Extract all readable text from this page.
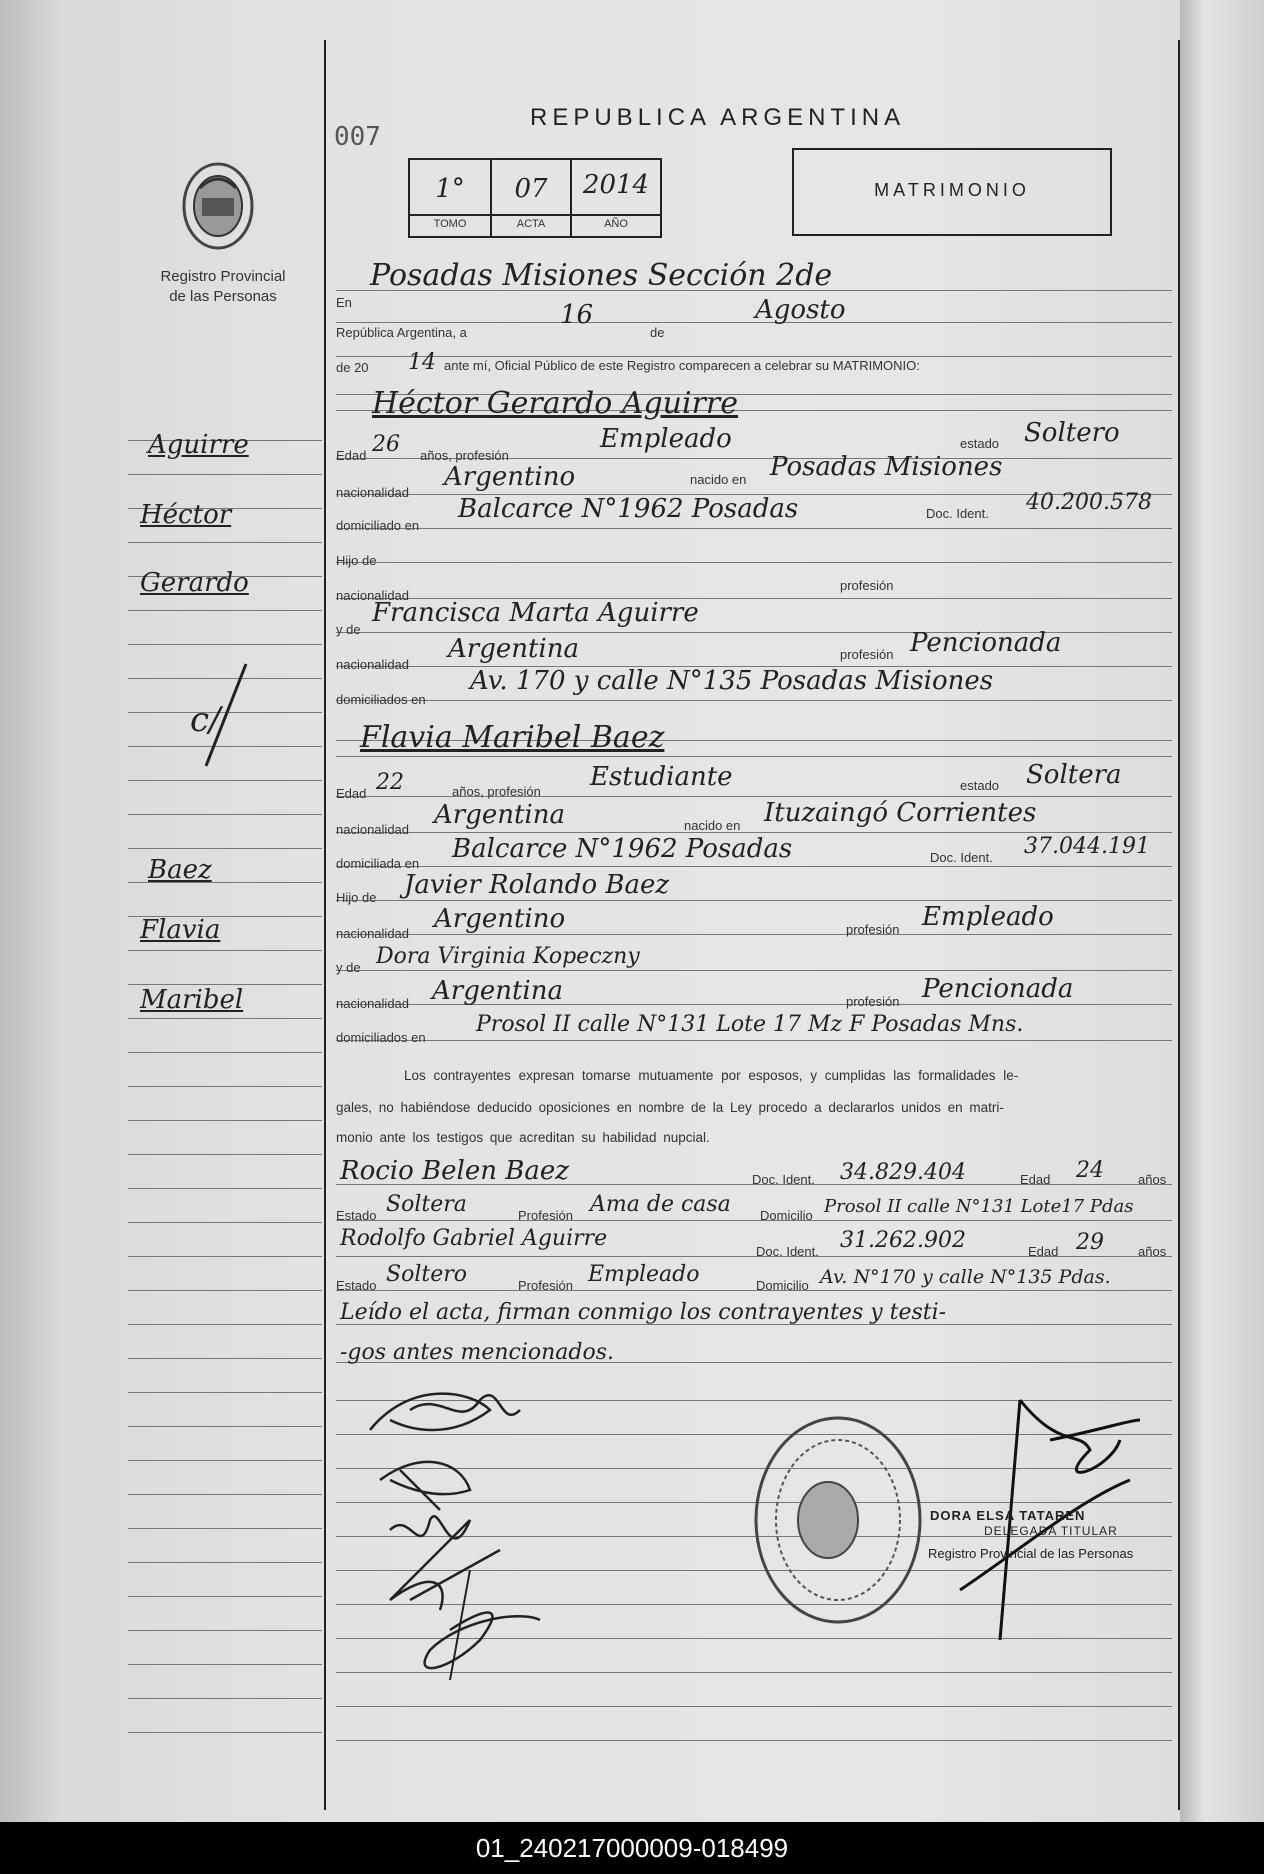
Registro Provincial
de las Personas
Aguirre
Héctor
Gerardo
c/
Baez
Flavia
Maribel
007
REPUBLICA ARGENTINA
1°	07	2014
TOMO	ACTA	AÑO
MATRIMONIO
En
Posadas Misiones Sección 2de
República Argentina, a
16
de
Agosto
de 20 14 ante mí, Oficial Público de este Registro comparecen a celebrar su MATRIMONIO:
Héctor Gerardo Aguirre
Edad 26 años, profesión
Empleado	estado Soltero
nacionalidad
Argentino	nacido en Posadas Misiones
domiciliado en
Balcarce N°1962 Posadas	Doc. Ident. 40.200.578
Hijo de
nacionalidad
profesión
y de
Francisca Marta Aguirre
nacionalidad
Argentina	profesión Pencionada
domiciliados en
Av. 170 y calle N°135 Posadas Misiones
Flavia Maribel Baez
Edad 22	años, profesión Estudiante	estado Soltera
nacionalidad Argentina	nacido en Ituzaingó Corrientes
domiciliada en Balcarce N°1962 Posadas	Doc. Ident. 37.044.191
Hijo de Javier Rolando Baez
nacionalidad Argentino	profesión Empleado
y de Dora Virginia Kopeczny
nacionalidad Argentina	profesión Pencionada
domiciliados en
Prosol II calle N°131 Lote 17 Mz F Posadas Mns.
Los contrayentes expresan tomarse mutuamente por esposos, y cumplidas las formalidades le-
gales, no habiéndose deducido oposiciones en nombre de la Ley procedo a declararlos unidos en matri-
monio ante los testigos que acreditan su habilidad nupcial.
Rocio Belen Baez	Doc. Ident. 34.829.404	Edad 24	años
Estado Soltera	Profesión Ama de casa Domicilio Prosol II calle N°131 Lote17 Pdas
Rodolfo Gabriel Aguirre
Doc. Ident. 31.262.902	Edad 29	años
Estado Soltero	Profesión Empleado	Domicilio Av. N°170 y calle N°135 Pdas.
Leído el acta, firman conmigo los contrayentes y testi-
-gos antes mencionados.
DORA ELSA TATAREN
DELEGADA TITULAR
Registro Provincial de las Personas
01_240217000009-018499
